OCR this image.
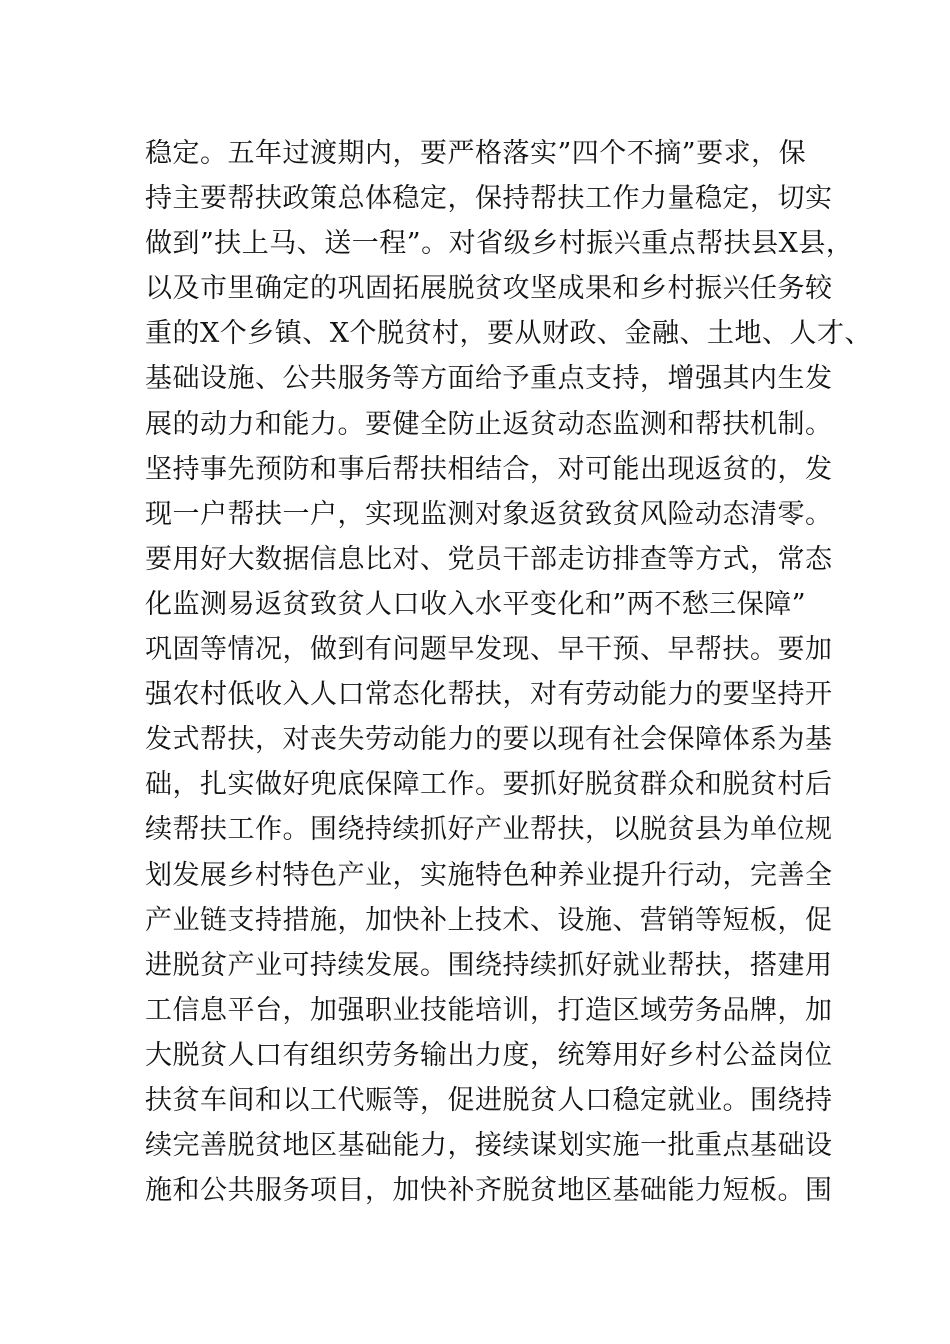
稳定。五年过渡期内，要严格落实”四个不摘”要求，保
持主要帮扶政策总体稳定，保持帮扶工作力量稳定，切实
做到”扶上马、送一程”。对省级乡村振兴重点帮扶县X县，
以及市里确定的巩固拓展脱贫攻坚成果和乡村振兴任务较
重的X个乡镇、X个脱贫村，要从财政、金融、土地、人才、
基础设施、公共服务等方面给予重点支持，增强其内生发
展的动力和能力。要健全防止返贫动态监测和帮扶机制。
坚持事先预防和事后帮扶相结合，对可能出现返贫的，发
现一户帮扶一户，实现监测对象返贫致贫风险动态清零。
要用好大数据信息比对、党员干部走访排查等方式，常态
化监测易返贫致贫人口收入水平变化和”两不愁三保障”
巩固等情况，做到有问题早发现、早干预、早帮扶。要加
强农村低收入人口常态化帮扶，对有劳动能力的要坚持开
发式帮扶，对丧失劳动能力的要以现有社会保障体系为基
础，扎实做好兜底保障工作。要抓好脱贫群众和脱贫村后
续帮扶工作。围绕持续抓好产业帮扶，以脱贫县为单位规
划发展乡村特色产业，实施特色种养业提升行动，完善全
产业链支持措施，加快补上技术、设施、营销等短板，促
进脱贫产业可持续发展。围绕持续抓好就业帮扶，搭建用
工信息平台，加强职业技能培训，打造区域劳务品牌，加
大脱贫人口有组织劳务输出力度，统筹用好乡村公益岗位
扶贫车间和以工代赈等，促进脱贫人口稳定就业。围绕持
续完善脱贫地区基础能力，接续谋划实施一批重点基础设
施和公共服务项目，加快补齐脱贫地区基础能力短板。围
